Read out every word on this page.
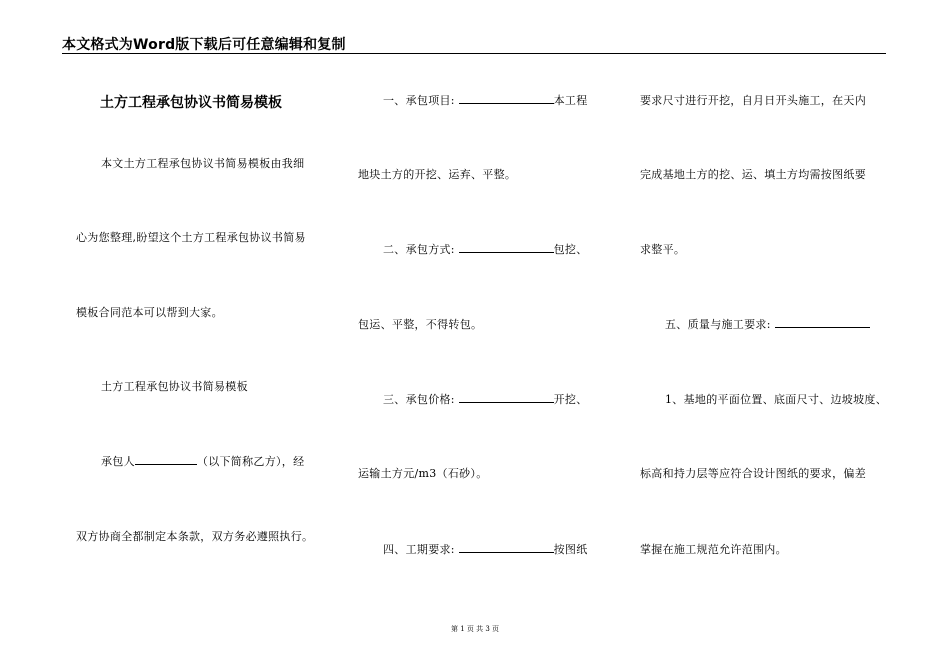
本文格式为Word版下载后可任意编辑和复制
土方工程承包协议书简易模板
本文土方工程承包协议书简易模板由我细
心为您整理,盼望这个土方工程承包协议书简易
模板合同范本可以帮到大家。
土方工程承包协议书简易模板
承包人	（以下简称乙方），经
双方协商全都制定本条款，双方务必遵照执行。
一、承包项目:	本工程
地块土方的开挖、运弃、平整。
二、承包方式:	包挖、
包运、平整，不得转包。
三、承包价格:	开挖、
运输土方元/m3（石砂）。
四、工期要求:	按图纸
要求尺寸进行开挖，自月日开头施工，在天内
完成基地土方的挖、运、填土方均需按图纸要
求整平。
五、质量与施工要求:
1、基地的平面位置、底面尺寸、边坡坡度、
标高和持力层等应符合设计图纸的要求，偏差
掌握在施工规范允许范围内。
第 1 页 共 3 页
